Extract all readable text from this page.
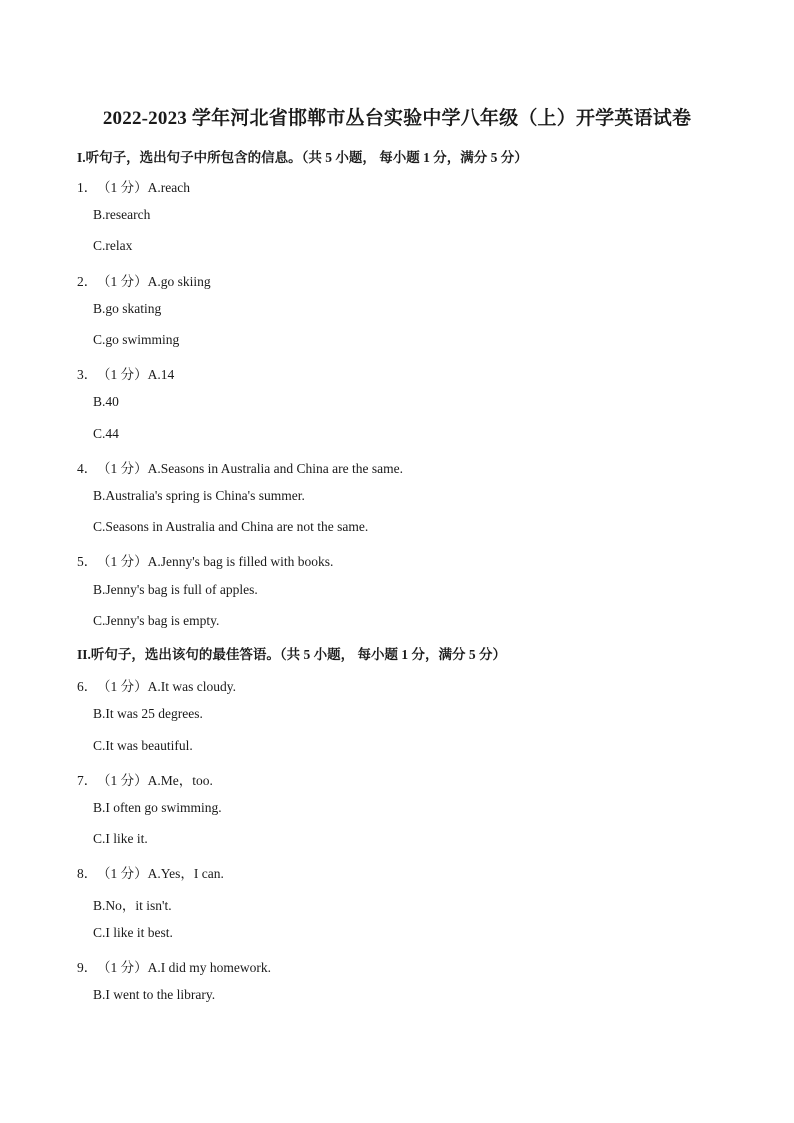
2022-2023 学年河北省邯郸市丛台实验中学八年级（上）开学英语试卷
I.听句子，选出句子中所包含的信息。（共 5 小题， 每小题 1 分，满分 5 分）
1．（1 分）A.reach
B.research
C.relax
2．（1 分）A.go skiing
B.go skating
C.go swimming
3．（1 分）A.14
B.40
C.44
4．（1 分）A.Seasons in Australia and China are the same.
B.Australia's spring is China's summer.
C.Seasons in Australia and China are not the same.
5．（1 分）A.Jenny's bag is filled with books.
B.Jenny's bag is full of apples.
C.Jenny's bag is empty.
II.听句子，选出该句的最佳答语。（共 5 小题， 每小题 1 分，满分 5 分）
6．（1 分）A.It was cloudy.
B.It was 25 degrees.
C.It was beautiful.
7．（1 分）A.Me，too.
B.I often go swimming.
C.I like it.
8．（1 分）A.Yes，I can.
B.No，it isn't.
C.I like it best.
9．（1 分）A.I did my homework.
B.I went to the library.
